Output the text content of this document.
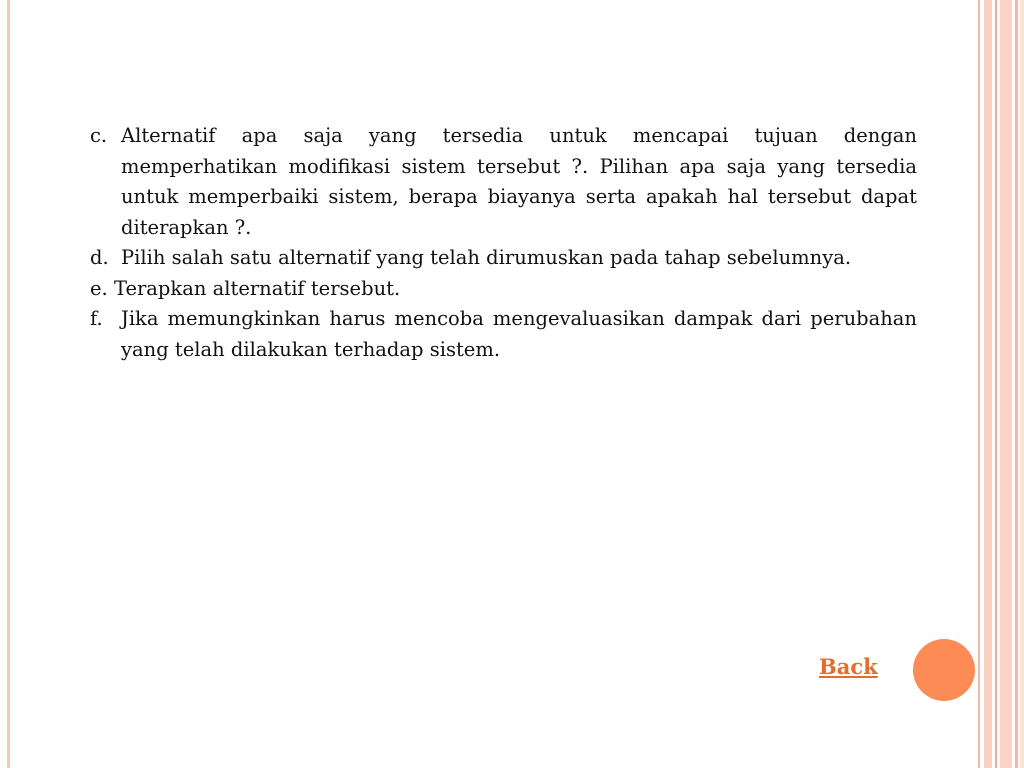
c. Alternatif apa saja yang tersedia untuk mencapai tujuan dengan memperhatikan modifikasi sistem tersebut ?. Pilihan apa saja yang tersedia untuk memperbaiki sistem, berapa biayanya serta apakah hal tersebut dapat diterapkan ?.
d. Pilih salah satu alternatif yang telah dirumuskan pada tahap sebelumnya.
e. Terapkan alternatif tersebut.
f. Jika memungkinkan harus mencoba mengevaluasikan dampak dari perubahan yang telah dilakukan terhadap sistem.
Back
